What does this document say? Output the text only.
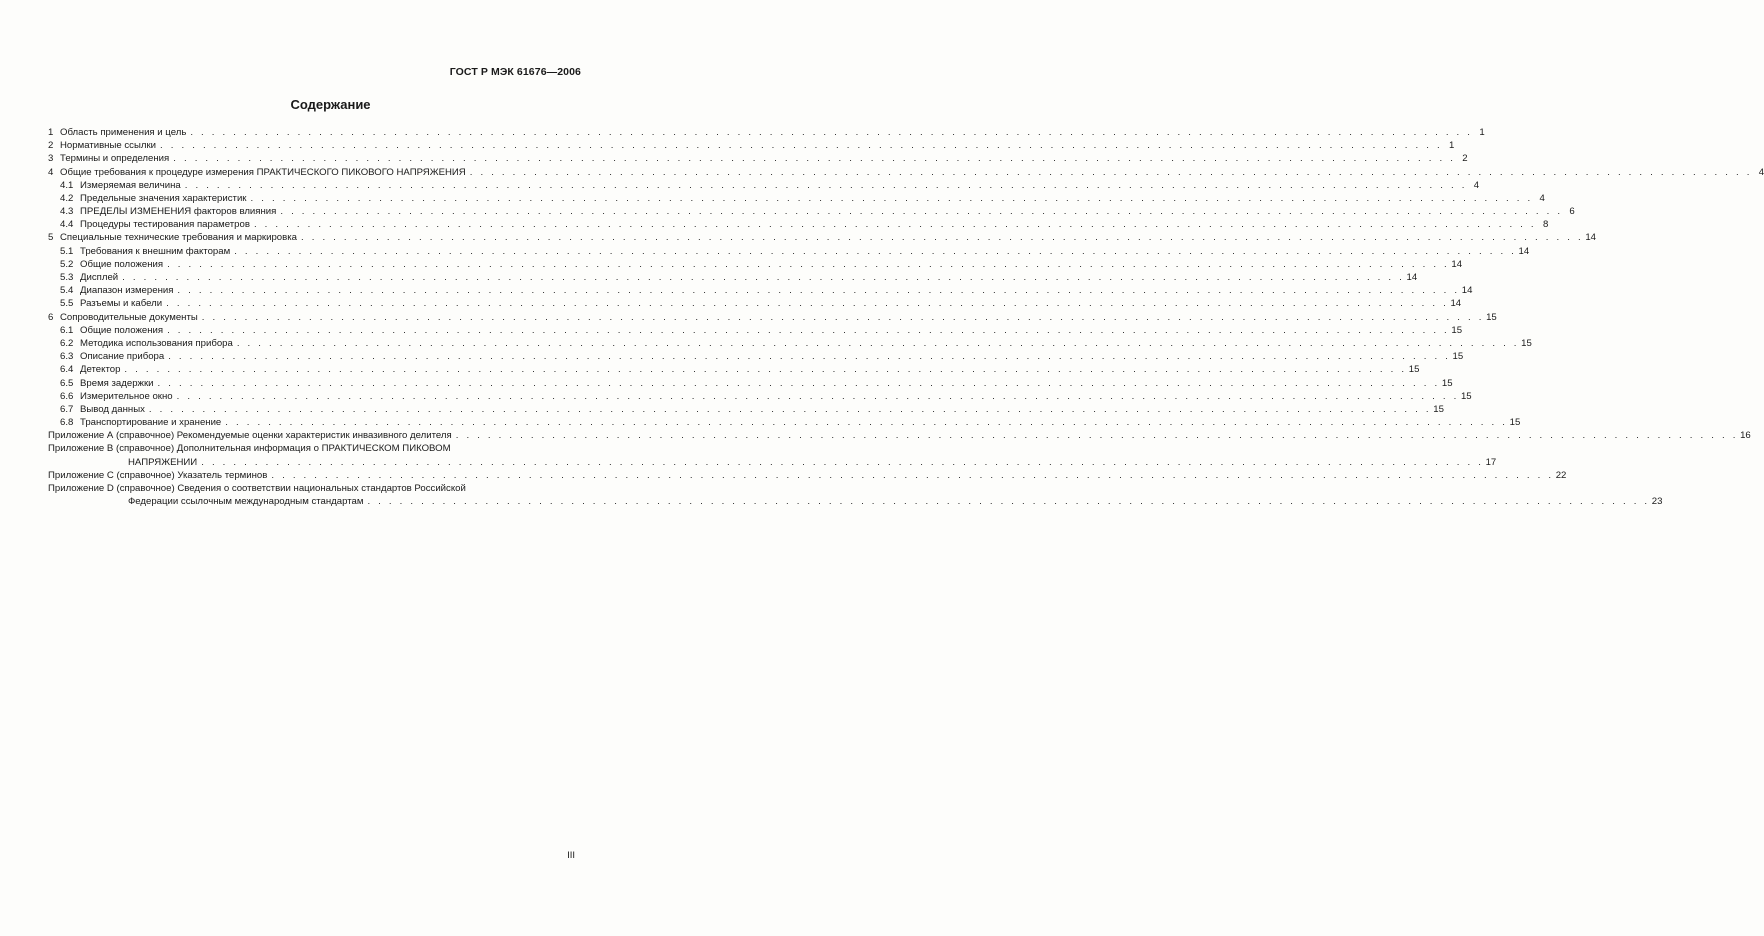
ГОСТ Р МЭК 61676—2006
Содержание
1 Область применения и цель . . . . . . . . . . . . . . . . . . . . . . . . . . . . . . . . . . . . . . . . . . . . . . . . . . . . . . . . . . . . . . . . . . . . . . . . . . . . . . . . . . . . . . . . . . . . . . . . . . . . . . . . . . . . . . . . . . . . . . . . 1
2 Нормативные ссылки . . . . . . . . . . . . . . . . . . . . . . . . . . . . . . . . . . . . . . . . . . . . . . . . . . . . . . . . . . . . . . . . . . . . . . . . . . . . . . . . . . . . . . . . . . . . . . . . . . . . . . . . . . . . . . . . . . . . . . . . 1
3 Термины и определения . . . . . . . . . . . . . . . . . . . . . . . . . . . . . . . . . . . . . . . . . . . . . . . . . . . . . . . . . . . . . . . . . . . . . . . . . . . . . . . . . . . . . . . . . . . . . . . . . . . . . . . . . . . . . . . . . . . . . . . . 2
4 Общие требования к процедуре измерения ПРАКТИЧЕСКОГО ПИКОВОГО НАПРЯЖЕНИЯ . . . . . . . . . . . . . . . . . . . . . . . . . . . . . . . . . . . . . . . . . . . . . . . . . . . . . . . . . . . . . . . . . . . . . . . . . . . . . . . . . . . . . . . . . . . . . . . . . . . . . . . . . . . . . . . . . . . . . . . . 4
4.1 Измеряемая величина . . . . . . . . . . . . . . . . . . . . . . . . . . . . . . . . . . . . . . . . . . . . . . . . . . . . . . . . . . . . . . . . . . . . . . . . . . . . . . . . . . . . . . . . . . . . . . . . . . . . . . . . . . . . . . . . . . . . . . . . 4
4.2 Предельные значения характеристик . . . . . . . . . . . . . . . . . . . . . . . . . . . . . . . . . . . . . . . . . . . . . . . . . . . . . . . . . . . . . . . . . . . . . . . . . . . . . . . . . . . . . . . . . . . . . . . . . . . . . . . . . . . . . . . . . . . . . . . . 4
4.3 ПРЕДЕЛЫ ИЗМЕНЕНИЯ факторов влияния . . . . . . . . . . . . . . . . . . . . . . . . . . . . . . . . . . . . . . . . . . . . . . . . . . . . . . . . . . . . . . . . . . . . . . . . . . . . . . . . . . . . . . . . . . . . . . . . . . . . . . . . . . . . . . . . . . . . . . . . 6
4.4 Процедуры тестирования параметров . . . . . . . . . . . . . . . . . . . . . . . . . . . . . . . . . . . . . . . . . . . . . . . . . . . . . . . . . . . . . . . . . . . . . . . . . . . . . . . . . . . . . . . . . . . . . . . . . . . . . . . . . . . . . . . . . . . . . . . . 8
5 Специальные технические требования и маркировка . . . . . . . . . . . . . . . . . . . . . . . . . . . . . . . . . . . . . . . . . . . . . . . . . . . . . . . . . . . . . . . . . . . . . . . . . . . . . . . . . . . . . . . . . . . . . . . . . . . . . . . . . . . . . . . . . . . . . . . . 14
5.1 Требования к внешним факторам . . . . . . . . . . . . . . . . . . . . . . . . . . . . . . . . . . . . . . . . . . . . . . . . . . . . . . . . . . . . . . . . . . . . . . . . . . . . . . . . . . . . . . . . . . . . . . . . . . . . . . . . . . . . . . . . . . . . . . . . 14
5.2 Общие положения . . . . . . . . . . . . . . . . . . . . . . . . . . . . . . . . . . . . . . . . . . . . . . . . . . . . . . . . . . . . . . . . . . . . . . . . . . . . . . . . . . . . . . . . . . . . . . . . . . . . . . . . . . . . . . . . . . . . . . . . 14
5.3 Дисплей . . . . . . . . . . . . . . . . . . . . . . . . . . . . . . . . . . . . . . . . . . . . . . . . . . . . . . . . . . . . . . . . . . . . . . . . . . . . . . . . . . . . . . . . . . . . . . . . . . . . . . . . . . . . . . . . . . . . . . . . 14
5.4 Диапазон измерения . . . . . . . . . . . . . . . . . . . . . . . . . . . . . . . . . . . . . . . . . . . . . . . . . . . . . . . . . . . . . . . . . . . . . . . . . . . . . . . . . . . . . . . . . . . . . . . . . . . . . . . . . . . . . . . . . . . . . . . . 14
5.5 Разъемы и кабели . . . . . . . . . . . . . . . . . . . . . . . . . . . . . . . . . . . . . . . . . . . . . . . . . . . . . . . . . . . . . . . . . . . . . . . . . . . . . . . . . . . . . . . . . . . . . . . . . . . . . . . . . . . . . . . . . . . . . . . . 14
6 Сопроводительные документы . . . . . . . . . . . . . . . . . . . . . . . . . . . . . . . . . . . . . . . . . . . . . . . . . . . . . . . . . . . . . . . . . . . . . . . . . . . . . . . . . . . . . . . . . . . . . . . . . . . . . . . . . . . . . . . . . . . . . . . . 15
6.1 Общие положения . . . . . . . . . . . . . . . . . . . . . . . . . . . . . . . . . . . . . . . . . . . . . . . . . . . . . . . . . . . . . . . . . . . . . . . . . . . . . . . . . . . . . . . . . . . . . . . . . . . . . . . . . . . . . . . . . . . . . . . . 15
6.2 Методика использования прибора . . . . . . . . . . . . . . . . . . . . . . . . . . . . . . . . . . . . . . . . . . . . . . . . . . . . . . . . . . . . . . . . . . . . . . . . . . . . . . . . . . . . . . . . . . . . . . . . . . . . . . . . . . . . . . . . . . . . . . . . 15
6.3 Описание прибора . . . . . . . . . . . . . . . . . . . . . . . . . . . . . . . . . . . . . . . . . . . . . . . . . . . . . . . . . . . . . . . . . . . . . . . . . . . . . . . . . . . . . . . . . . . . . . . . . . . . . . . . . . . . . . . . . . . . . . . . 15
6.4 Детектор . . . . . . . . . . . . . . . . . . . . . . . . . . . . . . . . . . . . . . . . . . . . . . . . . . . . . . . . . . . . . . . . . . . . . . . . . . . . . . . . . . . . . . . . . . . . . . . . . . . . . . . . . . . . . . . . . . . . . . . . 15
6.5 Время задержки . . . . . . . . . . . . . . . . . . . . . . . . . . . . . . . . . . . . . . . . . . . . . . . . . . . . . . . . . . . . . . . . . . . . . . . . . . . . . . . . . . . . . . . . . . . . . . . . . . . . . . . . . . . . . . . . . . . . . . . . 15
6.6 Измерительное окно . . . . . . . . . . . . . . . . . . . . . . . . . . . . . . . . . . . . . . . . . . . . . . . . . . . . . . . . . . . . . . . . . . . . . . . . . . . . . . . . . . . . . . . . . . . . . . . . . . . . . . . . . . . . . . . . . . . . . . . . 15
6.7 Вывод данных . . . . . . . . . . . . . . . . . . . . . . . . . . . . . . . . . . . . . . . . . . . . . . . . . . . . . . . . . . . . . . . . . . . . . . . . . . . . . . . . . . . . . . . . . . . . . . . . . . . . . . . . . . . . . . . . . . . . . . . . 15
6.8 Транспортирование и хранение . . . . . . . . . . . . . . . . . . . . . . . . . . . . . . . . . . . . . . . . . . . . . . . . . . . . . . . . . . . . . . . . . . . . . . . . . . . . . . . . . . . . . . . . . . . . . . . . . . . . . . . . . . . . . . . . . . . . . . . . 15
Приложение А (справочное) Рекомендуемые оценки характеристик инвазивного делителя . . . . . . . . . . . . . . . . . . . . . . . . . . . . . . . . . . . . . . . . . . . . . . . . . . . . . . . . . . . . . . . . . . . . . . . . . . . . . . . . . . . . . . . . . . . . . . . . . . . . . . . . . . . . . . . . . . . . . . . . 16
Приложение В (справочное) Дополнительная информация о ПРАКТИЧЕСКОМ ПИКОВОМ
НАПРЯЖЕНИИ . . . . . . . . . . . . . . . . . . . . . . . . . . . . . . . . . . . . . . . . . . . . . . . . . . . . . . . . . . . . . . . . . . . . . . . . . . . . . . . . . . . . . . . . . . . . . . . . . . . . . . . . . . . . . . . . . . . . . . . . 17
Приложение С (справочное) Указатель терминов . . . . . . . . . . . . . . . . . . . . . . . . . . . . . . . . . . . . . . . . . . . . . . . . . . . . . . . . . . . . . . . . . . . . . . . . . . . . . . . . . . . . . . . . . . . . . . . . . . . . . . . . . . . . . . . . . . . . . . . . 22
Приложение D (справочное) Сведения о соответствии национальных стандартов Российской
Федерации ссылочным международным стандартам . . . . . . . . . . . . . . . . . . . . . . . . . . . . . . . . . . . . . . . . . . . . . . . . . . . . . . . . . . . . . . . . . . . . . . . . . . . . . . . . . . . . . . . . . . . . . . . . . . . . . . . . . . . . . . . . . . . . . . . . 23
III
